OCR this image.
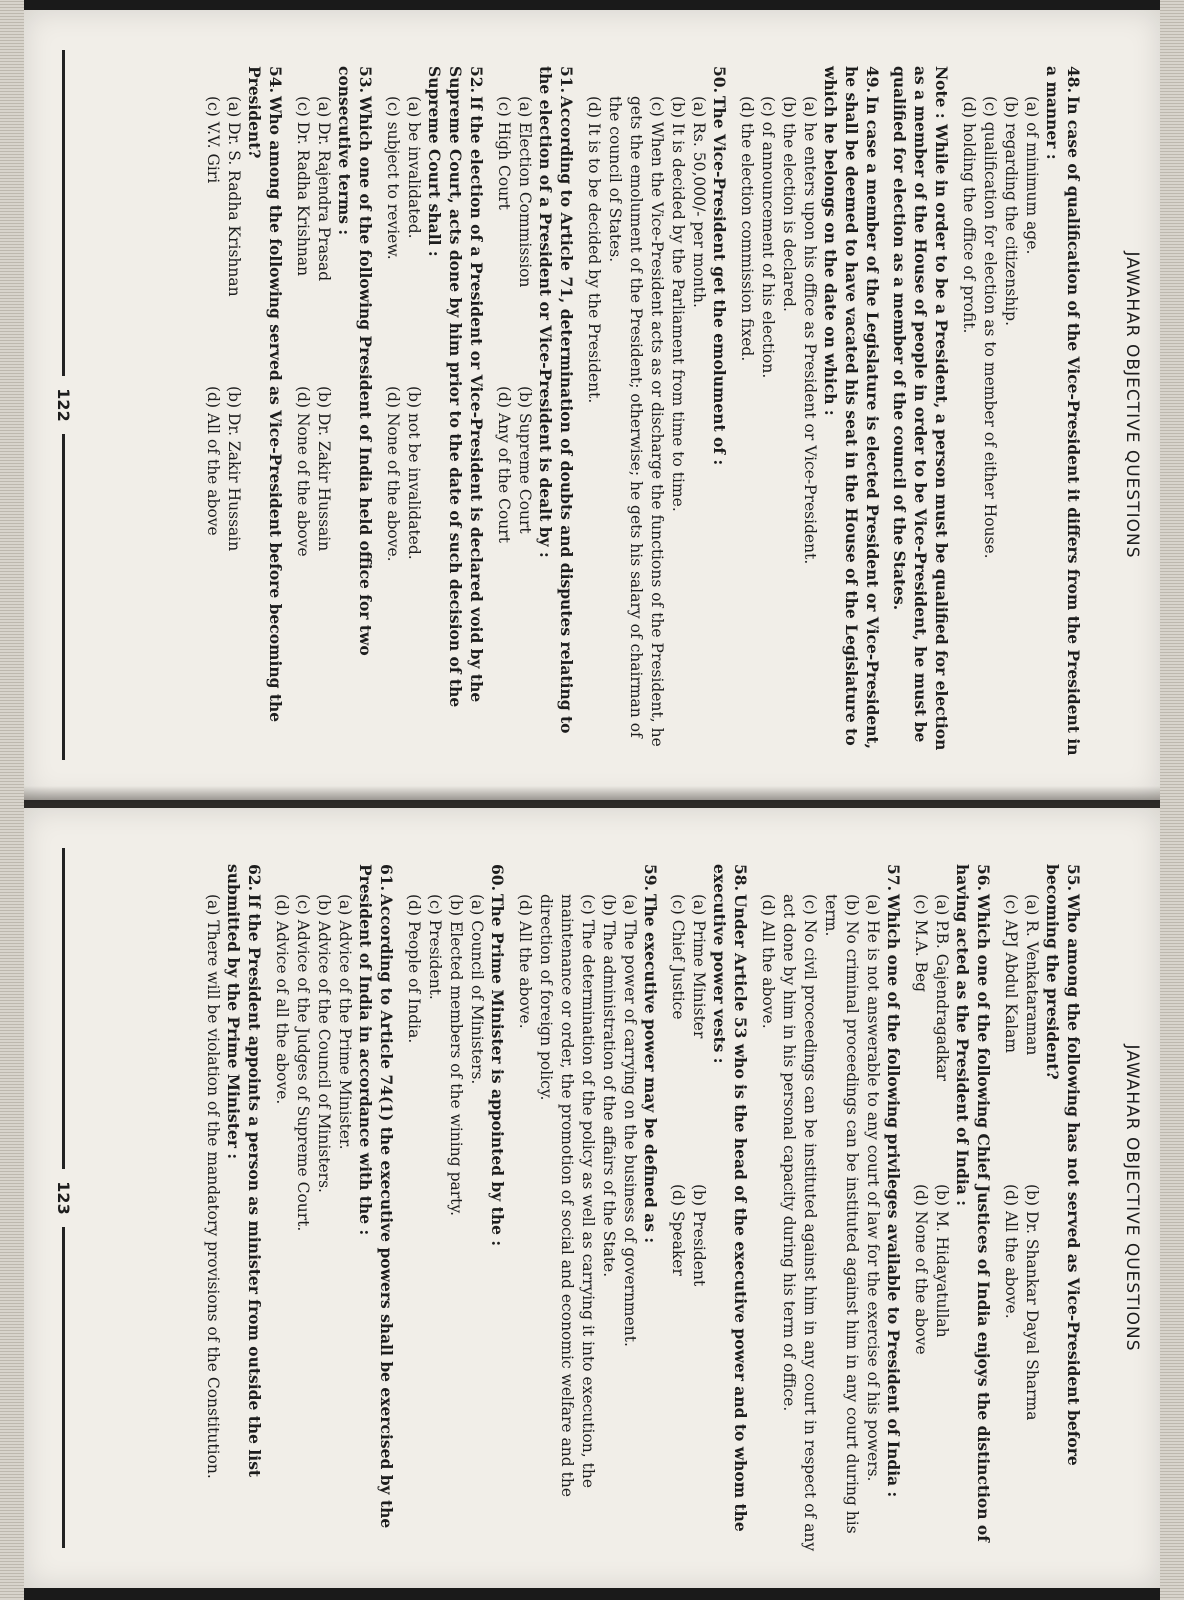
JAWAHAR OBJECTIVE QUESTIONS
48.In case of qualification of the Vice-President it differs from the President in a manner :
(a) of minimum age.
(b) regarding the citizenship.
(c) qualification for election as to member of either House.
(d) holding the office of profit.
Note : While in order to be a President, a person must be qualified for election as a member of the House of people in order to be Vice-President, he must be qualified for election as a member of the council of the States.
49.In case a member of the Legislature is elected President or Vice-President, he shall be deemed to have vacated his seat in the House of the Legislature to which he belongs on the date on which :
(a) he enters upon his office as President or Vice-President.
(b) the election is declared.
(c) of announcement of his election.
(d) the election commission fixed.
50.The Vice-President get the emolument of :
(a) Rs. 50,000/- per month.
(b) It is decided by the Parliament from time to time.
(c) When the Vice-President acts as or discharge the functions of the President, he gets the emolument of the President; otherwise; he gets his salary of chairman of the council of States.
(d) It is to be decided by the President.
51.According to Article 71, determination of doubts and disputes relating to the election of a President or Vice-President is dealt by :
(a) Election Commission
(b) Supreme Court
(c) High Court
(d) Any of the Court
52.If the election of a President or Vice-President is declared void by the Supreme Court, acts done by him prior to the date of such decision of the Supreme Court shall :
(a) be invalidated.
(b) not be invalidated.
(c) subject to review.
(d) None of the above.
53.Which one of the following President of India held office for two consecutive terms :
(a) Dr. Rajendra Prasad
(b) Dr. Zakir Hussain
(c) Dr. Radha Krishnan
(d) None of the above
54.Who among the following served as Vice-President before becoming the President?
(a) Dr. S. Radha Krishnan
(b) Dr. Zakir Hussain
(c) V.V. Giri
(d) All of the above
122
JAWAHAR OBJECTIVE QUESTIONS
55.Who among the following has not served as Vice-President before becoming the president?
(a) R. Venkataraman
(b) Dr. Shankar Dayal Sharma
(c) APJ Abdul Kalam
(d) All the above.
56.Which one of the following Chief Justices of India enjoys the distinction of having acted as the President of India :
(a) P.B. Gajendragadkar
(b) M. Hidayatullah
(c) M.A. Beg
(d) None of the above
57.Which one of the following privileges available to President of India :
(a) He is not answerable to any court of law for the exercise of his powers.
(b) No criminal proceedings can be instituted against him in any court during his term.
(c) No civil proceedings can be instituted against him in any court in respect of any act done by him in his personal capacity during his term of office.
(d) All the above.
58.Under Article 53 who is the head of the executive power and to whom the executive power vests :
(a) Prime Minister
(b) President
(c) Chief Justice
(d) Speaker
59.The executive power may be defined as :
(a) The power of carrying on the business of government.
(b) The administration of the affairs of the State.
(c) The determination of the policy as well as carrying it into execution, the maintenance or order, the promotion of social and economic welfare and the direction of foreign policy.
(d) All the above.
60.The Prime Minister is appointed by the :
(a) Council of Ministers.
(b) Elected members of the wining party.
(c) President.
(d) People of India.
61.According to Article 74(1) the executive powers shall be exercised by the President of India in accordance with the :
(a) Advice of the Prime Minister.
(b) Advice of the Council of Ministers.
(c) Advice of the Judges of Supreme Court.
(d) Advice of all the above.
62.If the President appoints a person as minister from outside the list submitted by the Prime Minister :
(a) There will be violation of the mandatory provisions of the Constitution.
123
